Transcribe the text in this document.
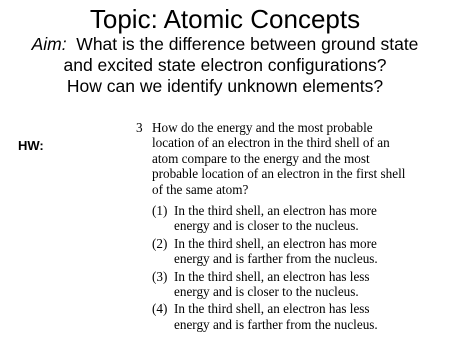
Topic: Atomic Concepts

Aim: What is the difference between ground state

and excited state electron configurations?

How can we identify unknown elements?

HW:
3 How do the energy and the most probable
location of an electron in the third shell of an
atom compare to the energy and the most
probable location of an electron in the first shell
of the same atom?
(1) In the third shell, an electron has more
energy and is closer to the nucleus.
(2) In the third shell, an electron has more
energy and is farther from the nucleus.
(3) In the third shell, an electron has less
energy and is closer to the nucleus.
(4) In the third shell, an electron has less
energy and is farther from the nucleus.
